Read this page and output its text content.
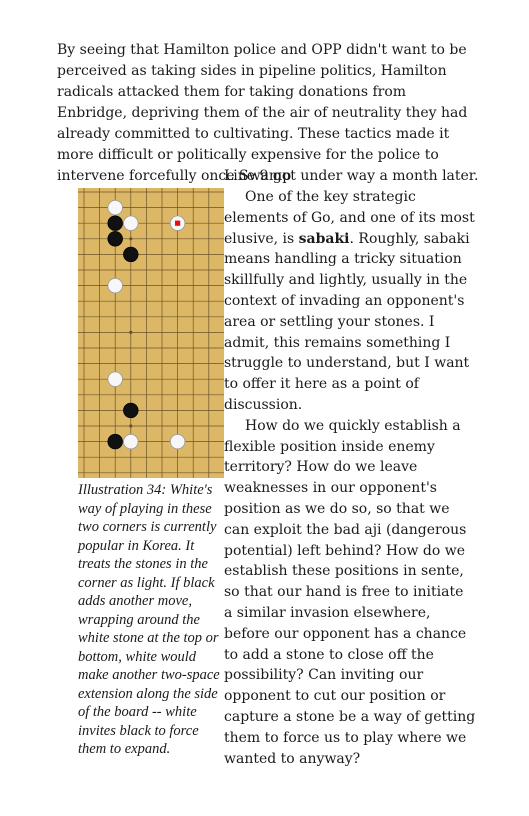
By seeing that Hamilton police and OPP didn't want to be perceived as taking sides in pipeline politics, Hamilton radicals attacked them for taking donations from Enbridge, depriving them of the air of neutrality they had already committed to cultivating. These tactics made it more difficult or politically expensive for the police to intervene forcefully once Swamp

Line 9 got under way a month later.

One of the key strategic elements of Go, and one of its most elusive, is sabaki. Roughly, sabaki means handling a tricky situation skillfully and lightly, usually in the context of invading an opponent's area or settling your stones. I admit, this remains something I struggle to understand, but I want to offer it here as a point of discussion.

How do we quickly establish a flexible position inside enemy territory? How do we leave weaknesses in our opponent's position as we do so, so that we can exploit the bad aji (dangerous potential) left behind? How do we establish these positions in sente, so that our hand is free to initiate a similar invasion elsewhere, before our opponent has a chance to add a stone to close off the possibility? Can inviting our opponent to cut our position or capture a stone be a way of getting them to force us to play where we wanted to anyway?

Illustration 34: White's way of playing in these two corners is currently popular in Korea. It treats the stones in the corner as light. If black adds another move, wrapping around the white stone at the top or bottom, white would make another two-space extension along the side of the board -- white invites black to force them to expand.
